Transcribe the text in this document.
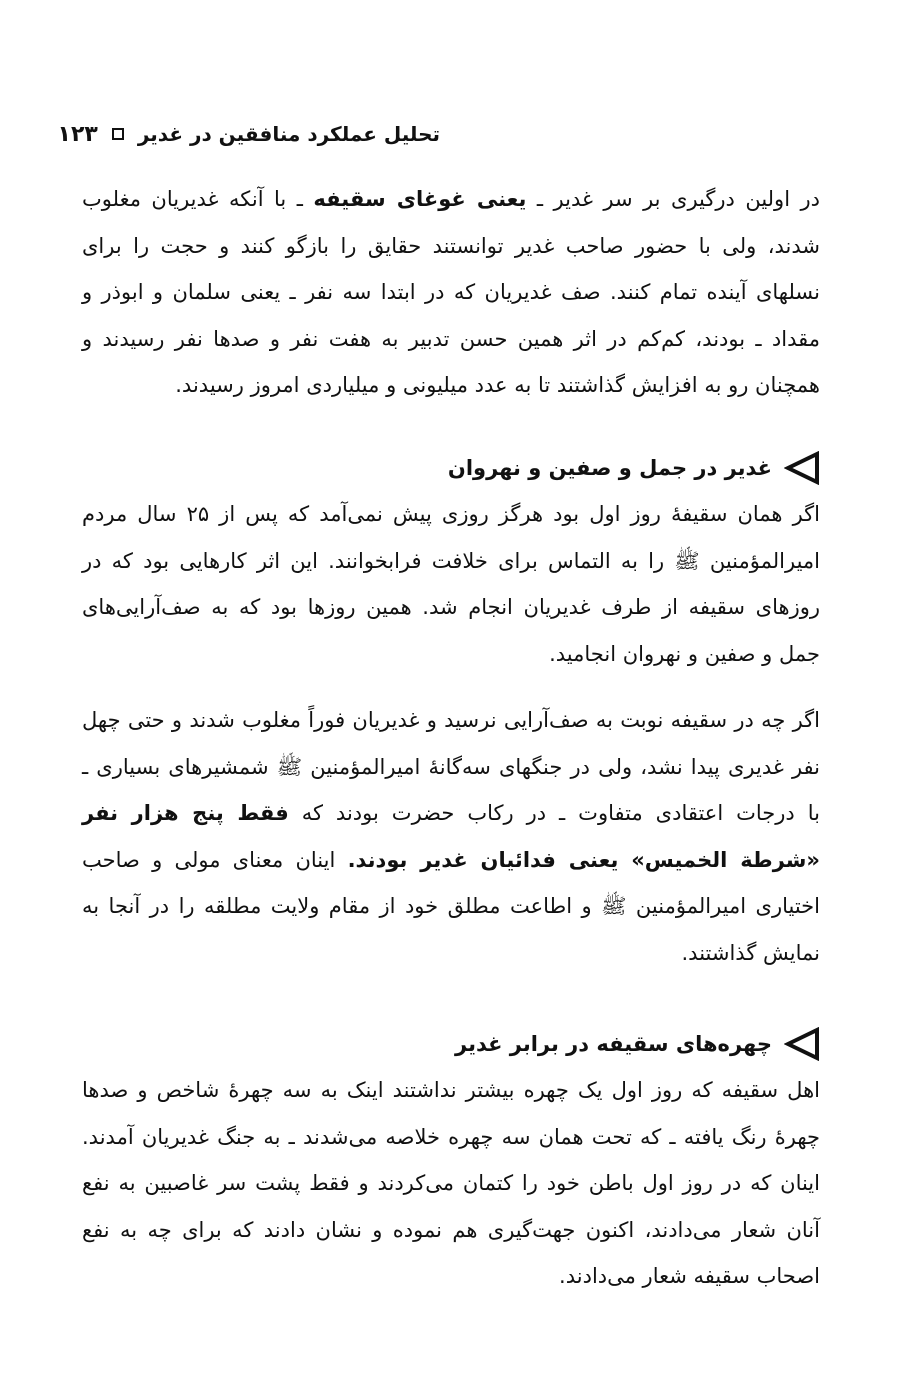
تحلیل عملکرد منافقین در غدیر
۱۲۳

در اولین درگیری بر سر غدیر ـ یعنی غوغای سقیفه ـ با آنکه غدیریان مغلوب شدند، ولی با حضور صاحب غدیر توانستند حقایق را بازگو کنند و حجت را برای نسلهای آینده تمام کنند. صف غدیریان که در ابتدا سه نفر ـ یعنی سلمان و ابوذر و مقداد ـ بودند، کم‌کم در اثر همین حسن تدبیر به هفت نفر و صدها نفر رسیدند و همچنان رو به افزایش گذاشتند تا به عدد میلیونی و میلیاردی امروز رسیدند.

غدیر در جمل و صفین و نهروان

اگر همان سقیفهٔ روز اول بود هرگز روزی پیش نمی‌آمد که پس از ۲۵ سال مردم امیرالمؤمنین ﷺ را به التماس برای خلافت فرابخوانند. این اثر کارهایی بود که در روزهای سقیفه از طرف غدیریان انجام شد. همین روزها بود که به صف‌آرایی‌های جمل و صفین و نهروان انجامید.

اگر چه در سقیفه نوبت به صف‌آرایی نرسید و غدیریان فوراً مغلوب شدند و حتی چهل نفر غدیری پیدا نشد، ولی در جنگهای سه‌گانهٔ امیرالمؤمنین ﷺ شمشیرهای بسیاری ـ با درجات اعتقادی متفاوت ـ در رکاب حضرت بودند که فقط پنج هزار نفر «شرطة الخمیس» یعنی فدائیان غدیر بودند. اینان معنای مولی و صاحب اختیاری امیرالمؤمنین ﷺ و اطاعت مطلق خود از مقام ولایت مطلقه را در آنجا به نمایش گذاشتند.

چهره‌های سقیفه در برابر غدیر

اهل سقیفه که روز اول یک چهره بیشتر نداشتند اینک به سه چهرهٔ شاخص و صدها چهرهٔ رنگ یافته ـ که تحت همان سه چهره خلاصه می‌شدند ـ به جنگ غدیریان آمدند. اینان که در روز اول باطن خود را کتمان می‌کردند و فقط پشت سر غاصبین به نفع آنان شعار می‌دادند، اکنون جهت‌گیری هم نموده و نشان دادند که برای چه به نفع اصحاب سقیفه شعار می‌دادند.
